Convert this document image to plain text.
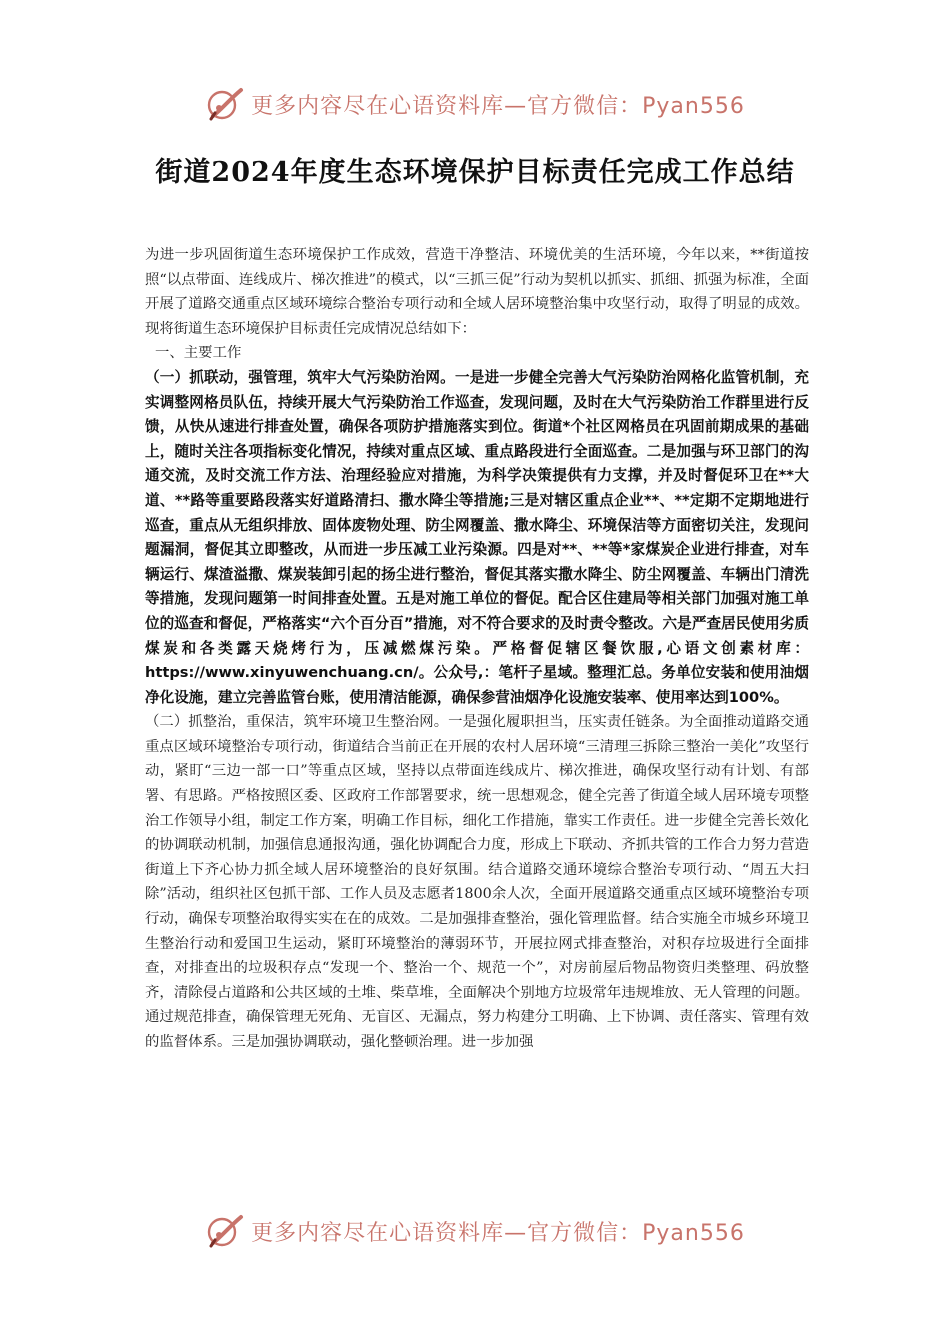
更多内容尽在心语资料库—官方微信：Pyan556
街道2024年度生态环境保护目标责任完成工作总结

为进一步巩固街道生态环境保护工作成效，营造干净整洁、环境优美的生活环境，今年以来，**街道按照“以点带面、连线成片、梯次推进”的模式，以“三抓三促”行动为契机以抓实、抓细、抓强为标准，全面开展了道路交通重点区域环境综合整治专项行动和全域人居环境整治集中攻坚行动，取得了明显的成效。现将街道生态环境保护目标责任完成情况总结如下：

一、主要工作

（一）抓联动，强管理，筑牢大气污染防治网。一是进一步健全完善大气污染防治网格化监管机制，充实调整网格员队伍，持续开展大气污染防治工作巡查，发现问题，及时在大气污染防治工作群里进行反馈，从快从速进行排查处置，确保各项防护措施落实到位。街道*个社区网格员在巩固前期成果的基础上，随时关注各项指标变化情况，持续对重点区域、重点路段进行全面巡查。二是加强与环卫部门的沟通交流，及时交流工作方法、治理经验应对措施，为科学决策提供有力支撑，并及时督促环卫在**大道、**路等重要路段落实好道路清扫、撒水降尘等措施;三是对辖区重点企业**、**定期不定期地进行巡查，重点从无组织排放、固体废物处理、防尘网覆盖、撒水降尘、环境保洁等方面密切关注，发现问题漏洞，督促其立即整改，从而进一步压减工业污染源。四是对**、**等*家煤炭企业进行排查，对车辆运行、煤渣溢撒、煤炭装卸引起的扬尘进行整治，督促其落实撒水降尘、防尘网覆盖、车辆出门清洗等措施，发现问题第一时间排查处置。五是对施工单位的督促。配合区住建局等相关部门加强对施工单位的巡查和督促，严格落实“六个百分百”措施，对不符合要求的及时责令整改。六是严查居民使用劣质煤炭和各类露天烧烤行为，压减燃煤污染。严格督促辖区餐饮服,心语文创素材库：https://www.xinyuwenchuang.cn/。公众号,：笔杆子星域。整理汇总。务单位安装和使用油烟净化设施，建立完善监管台账，使用清洁能源，确保参营油烟净化设施安装率、使用率达到100%。

（二）抓整治，重保洁，筑牢环境卫生整治网。一是强化履职担当，压实责任链条。为全面推动道路交通重点区域环境整治专项行动，街道结合当前正在开展的农村人居环境“三清理三拆除三整治一美化”攻坚行动，紧盯“三边一部一口”等重点区域，坚持以点带面连线成片、梯次推进，确保攻坚行动有计划、有部署、有思路。严格按照区委、区政府工作部署要求，统一思想观念，健全完善了街道全域人居环境专项整治工作领导小组，制定工作方案，明确工作目标，细化工作措施，靠实工作责任。进一步健全完善长效化的协调联动机制，加强信息通报沟通，强化协调配合力度，形成上下联动、齐抓共管的工作合力努力营造街道上下齐心协力抓全域人居环境整治的良好氛围。结合道路交通环境综合整治专项行动、“周五大扫除”活动，组织社区包抓干部、工作人员及志愿者1800余人次，全面开展道路交通重点区域环境整治专项行动，确保专项整治取得实实在在的成效。二是加强排查整治，强化管理监督。结合实施全市城乡环境卫生整治行动和爱国卫生运动，紧盯环境整治的薄弱环节，开展拉网式排查整治，对积存垃圾进行全面排查，对排查出的垃圾积存点“发现一个、整治一个、规范一个”，对房前屋后物品物资归类整理、码放整齐，清除侵占道路和公共区域的土堆、柴草堆，全面解决个别地方垃圾常年违规堆放、无人管理的问题。通过规范排查，确保管理无死角、无盲区、无漏点，努力构建分工明确、上下协调、责任落实、管理有效的监督体系。三是加强协调联动，强化整顿治理。进一步加强

更多内容尽在心语资料库—官方微信：Pyan556
